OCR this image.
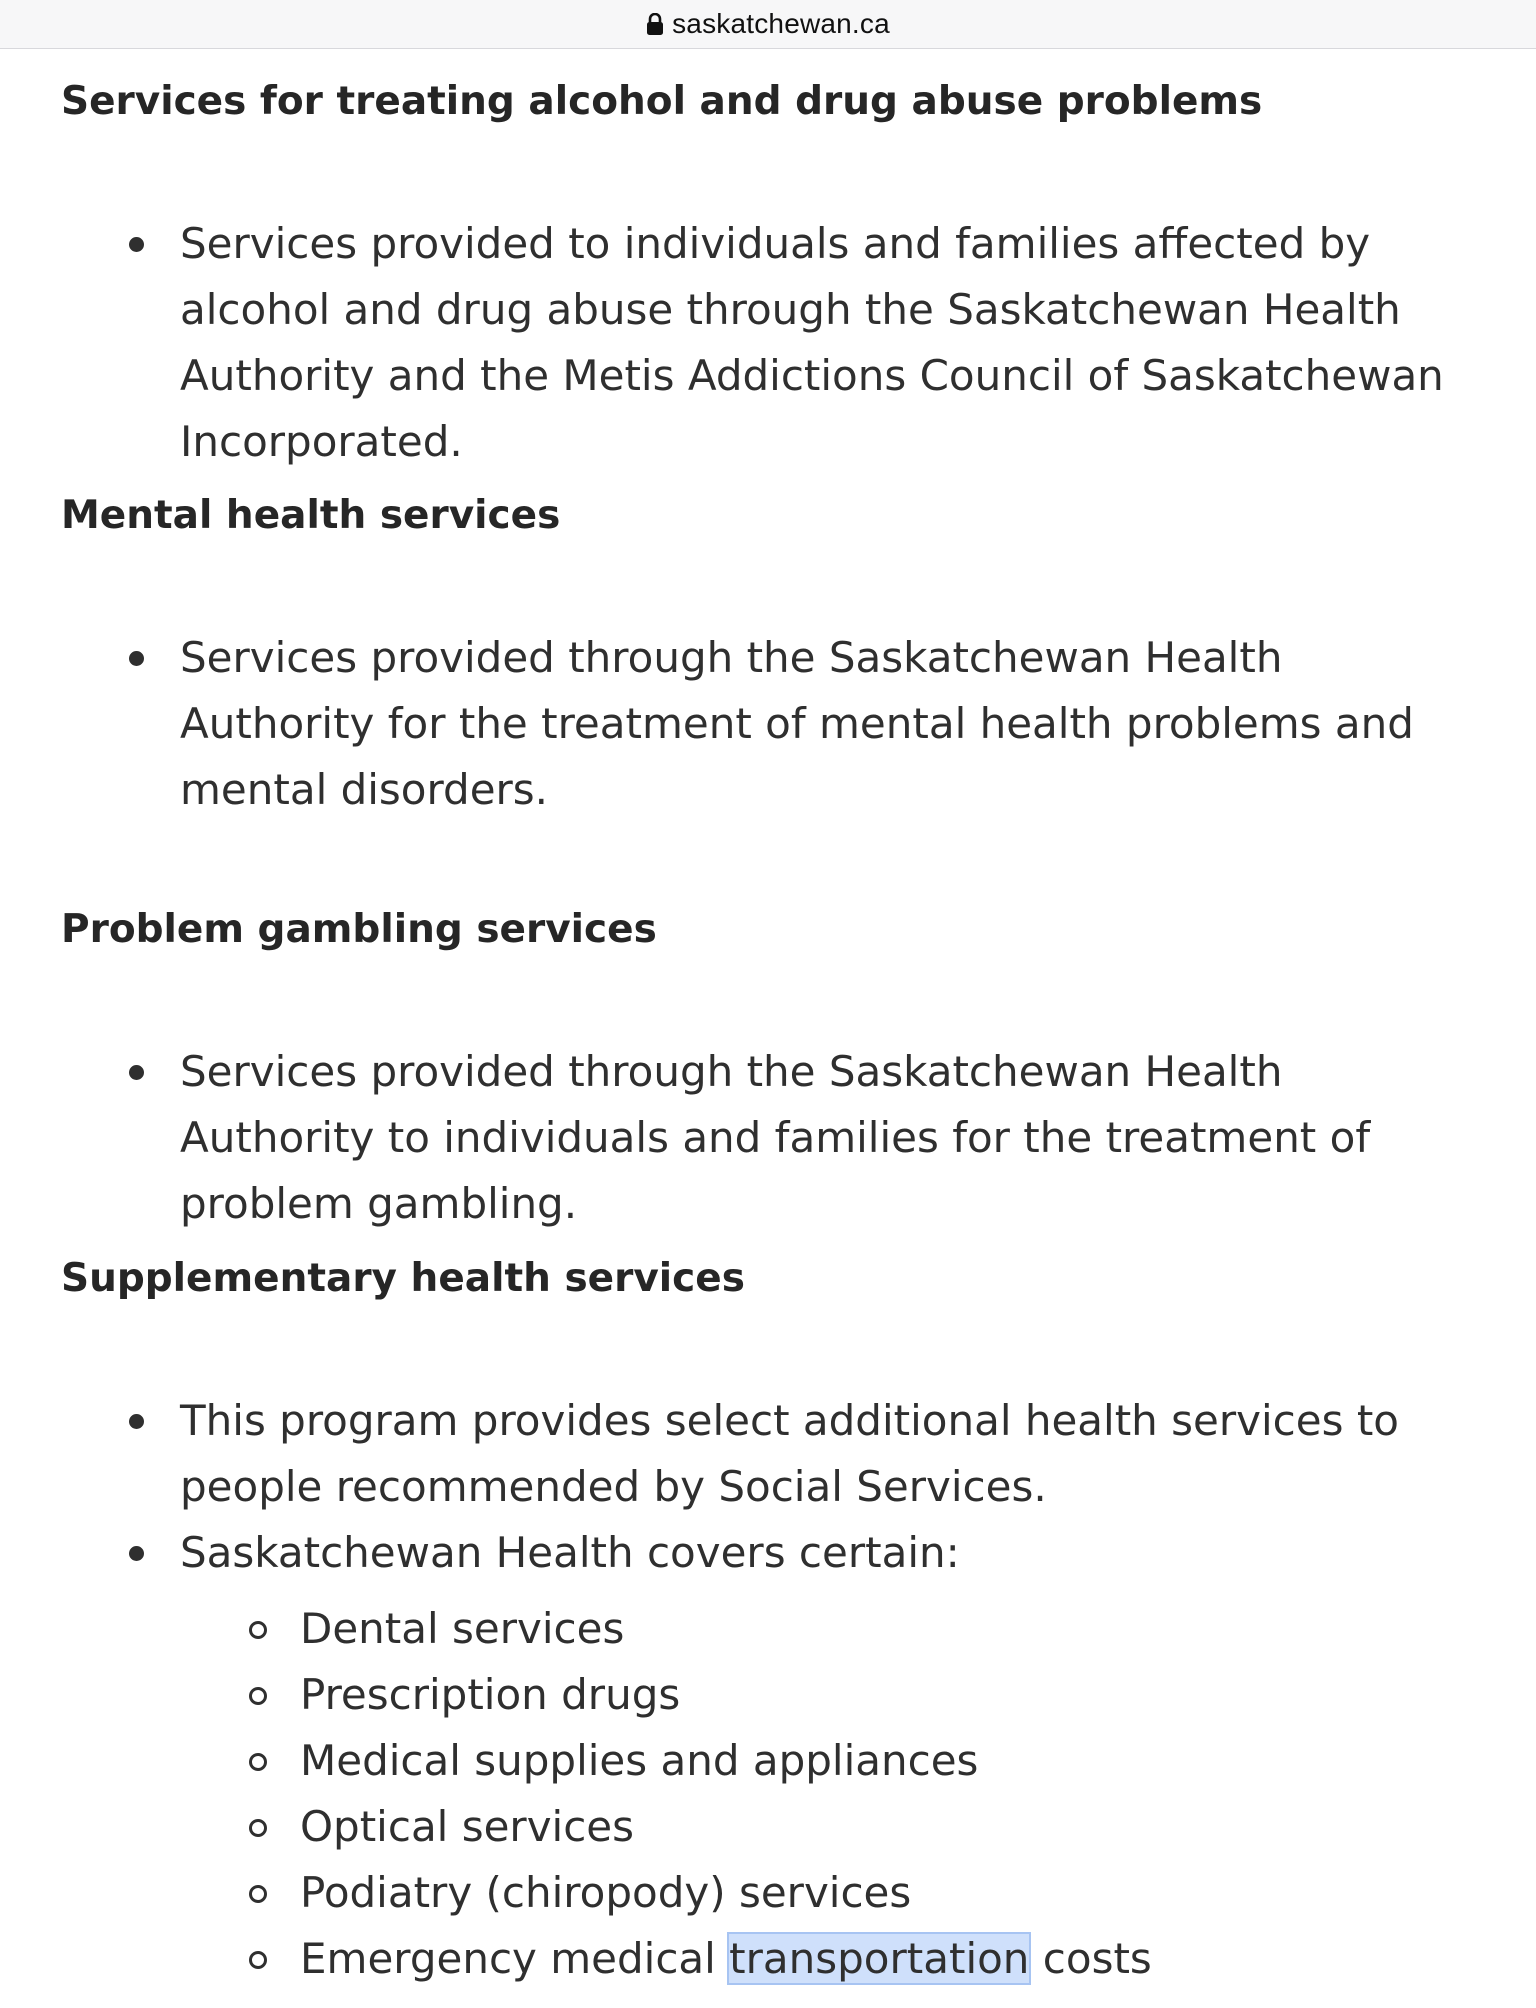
saskatchewan.ca
Services for treating alcohol and drug abuse problems
Services provided to individuals and families affected by alcohol and drug abuse through the Saskatchewan Health Authority and the Metis Addictions Council of Saskatchewan Incorporated.
Mental health services
Services provided through the Saskatchewan Health Authority for the treatment of mental health problems and mental disorders.
Problem gambling services
Services provided through the Saskatchewan Health Authority to individuals and families for the treatment of problem gambling.
Supplementary health services
This program provides select additional health services to people recommended by Social Services.
Saskatchewan Health covers certain:
Dental services
Prescription drugs
Medical supplies and appliances
Optical services
Podiatry (chiropody) services
Emergency medical transportation costs
